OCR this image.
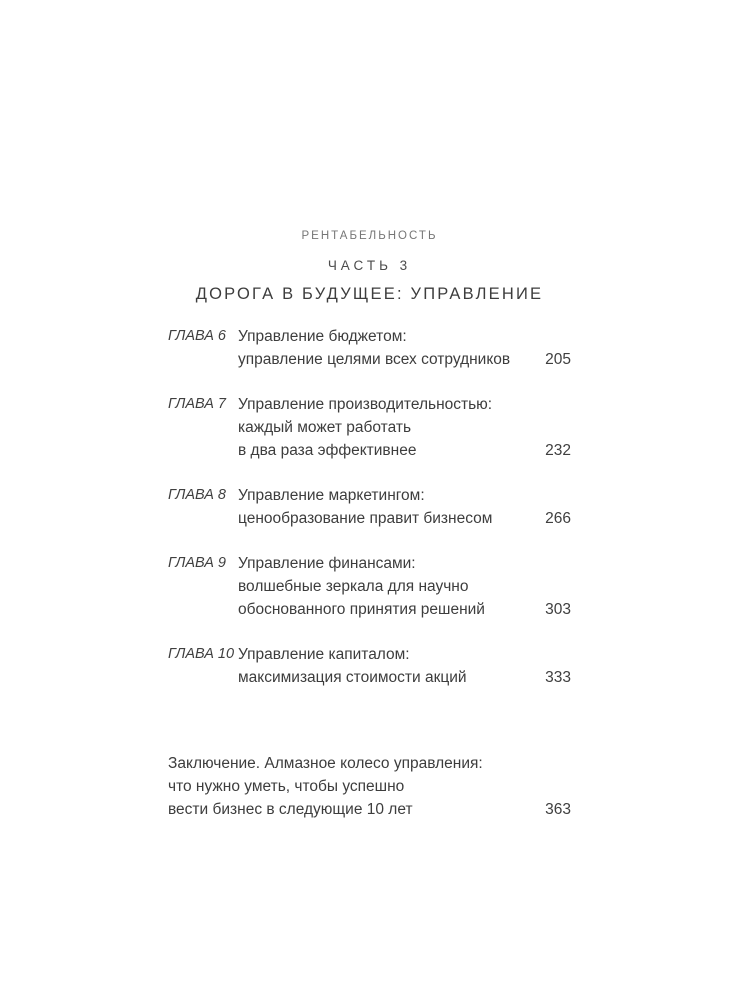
РЕНТАБЕЛЬНОСТЬ
ЧАСТЬ 3
ДОРОГА В БУДУЩЕЕ: УПРАВЛЕНИЕ
ГЛАВА 6 Управление бюджетом:
управление целями всех сотрудников	205
ГЛАВА 7 Управление производительностью:
каждый может работать
в два раза эффективнее	232
ГЛАВА 8 Управление маркетингом:
ценообразование правит бизнесом	266
ГЛАВА 9 Управление финансами:
волшебные зеркала для научно
обоснованного принятия решений	303
ГЛАВА 10 Управление капиталом:
максимизация стоимости акций	333
Заключение. Алмазное колесо управления:
что нужно уметь, чтобы успешно
вести бизнес в следующие 10 лет	363
